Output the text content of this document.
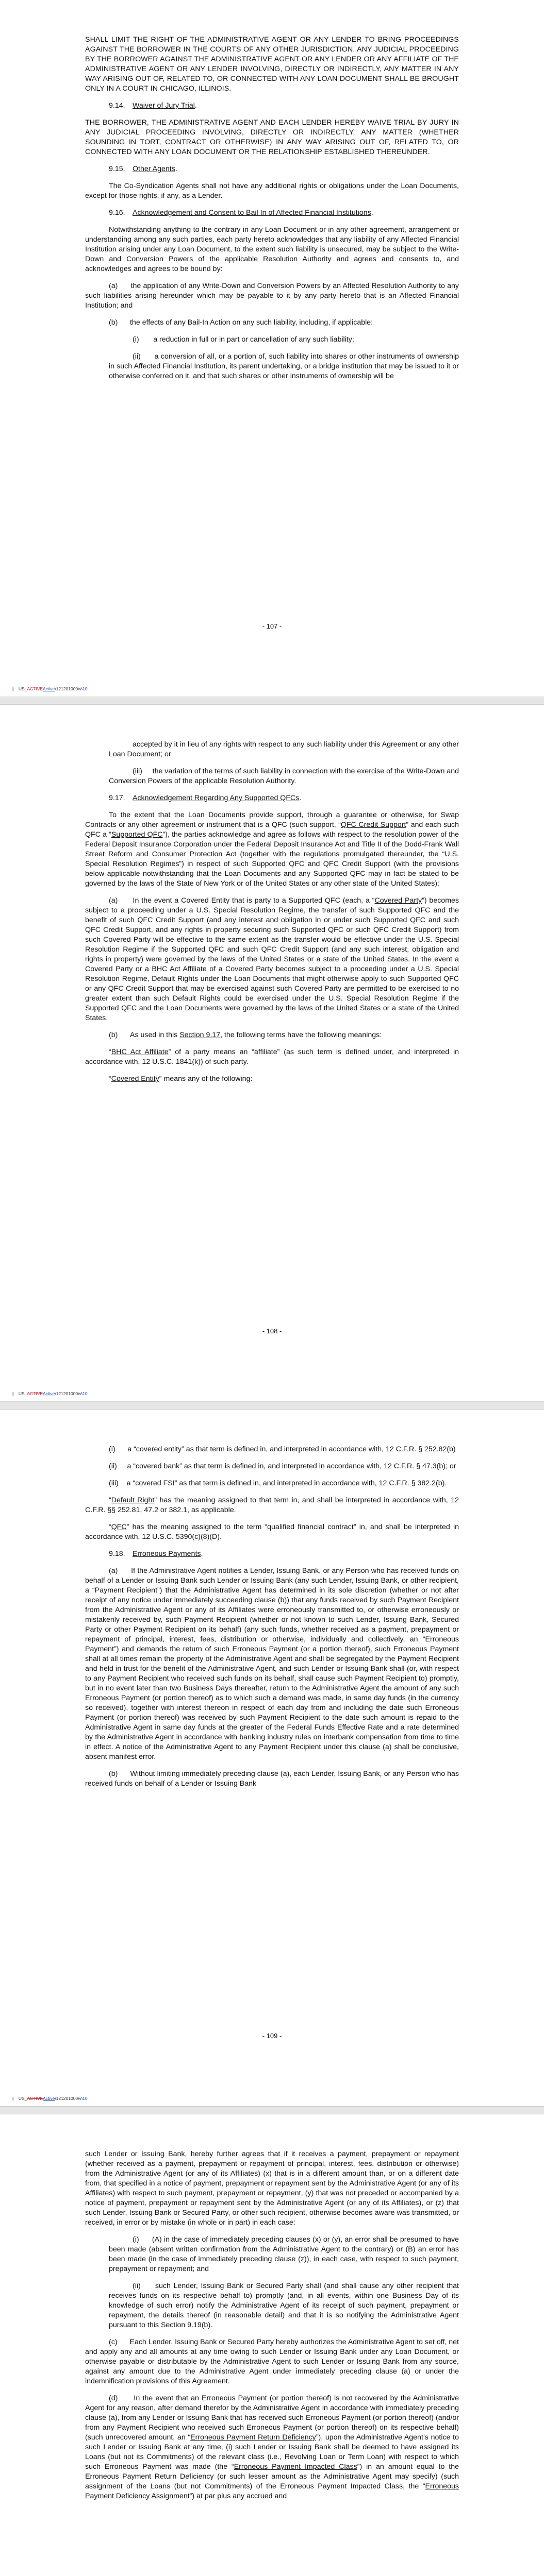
SHALL LIMIT THE RIGHT OF THE ADMINISTRATIVE AGENT OR ANY LENDER TO BRING PROCEEDINGS AGAINST THE BORROWER IN THE COURTS OF ANY OTHER JURISDICTION. ANY JUDICIAL PROCEEDING BY THE BORROWER AGAINST THE ADMINISTRATIVE AGENT OR ANY LENDER OR ANY AFFILIATE OF THE ADMINISTRATIVE AGENT OR ANY LENDER INVOLVING, DIRECTLY OR INDIRECTLY, ANY MATTER IN ANY WAY ARISING OUT OF, RELATED TO, OR CONNECTED WITH ANY LOAN DOCUMENT SHALL BE BROUGHT ONLY IN A COURT IN CHICAGO, ILLINOIS.

9.14. Waiver of Jury Trial.

THE BORROWER, THE ADMINISTRATIVE AGENT AND EACH LENDER HEREBY WAIVE TRIAL BY JURY IN ANY JUDICIAL PROCEEDING INVOLVING, DIRECTLY OR INDIRECTLY, ANY MATTER (WHETHER SOUNDING IN TORT, CONTRACT OR OTHERWISE) IN ANY WAY ARISING OUT OF, RELATED TO, OR CONNECTED WITH ANY LOAN DOCUMENT OR THE RELATIONSHIP ESTABLISHED THEREUNDER.

9.15. Other Agents.

The Co-Syndication Agents shall not have any additional rights or obligations under the Loan Documents, except for those rights, if any, as a Lender.

9.16. Acknowledgement and Consent to Bail In of Affected Financial Institutions.

Notwithstanding anything to the contrary in any Loan Document or in any other agreement, arrangement or understanding among any such parties, each party hereto acknowledges that any liability of any Affected Financial Institution arising under any Loan Document, to the extent such liability is unsecured, may be subject to the Write-Down and Conversion Powers of the applicable Resolution Authority and agrees and consents to, and acknowledges and agrees to be bound by:

(a)      the application of any Write-Down and Conversion Powers by an Affected Resolution Authority to any such liabilities arising hereunder which may be payable to it by any party hereto that is an Affected Financial Institution; and

(b)      the effects of any Bail-In Action on any such liability, including, if applicable:

(i)       a reduction in full or in part or cancellation of any such liability;

(ii)      a conversion of all, or a portion of, such liability into shares or other instruments of ownership in such Affected Financial Institution, its parent undertaking, or a bridge institution that may be issued to it or otherwise conferred on it, and that such shares or other instruments of ownership will be

- 107 -
| US_ACTIVEActive\121201000\v\10

accepted by it in lieu of any rights with respect to any such liability under this Agreement or any other Loan Document; or

(iii)     the variation of the terms of such liability in connection with the exercise of the Write-Down and Conversion Powers of the applicable Resolution Authority.

9.17. Acknowledgement Regarding Any Supported QFCs.

To the extent that the Loan Documents provide support, through a guarantee or otherwise, for Swap Contracts or any other agreement or instrument that is a QFC (such support, “QFC Credit Support” and each such QFC a “Supported QFC”), the parties acknowledge and agree as follows with respect to the resolution power of the Federal Deposit Insurance Corporation under the Federal Deposit Insurance Act and Title II of the Dodd-Frank Wall Street Reform and Consumer Protection Act (together with the regulations promulgated thereunder, the “U.S. Special Resolution Regimes”) in respect of such Supported QFC and QFC Credit Support (with the provisions below applicable notwithstanding that the Loan Documents and any Supported QFC may in fact be stated to be governed by the laws of the State of New York or of the United States or any other state of the United States):

(a)      In the event a Covered Entity that is party to a Supported QFC (each, a “Covered Party”) becomes subject to a proceeding under a U.S. Special Resolution Regime, the transfer of such Supported QFC and the benefit of such QFC Credit Support (and any interest and obligation in or under such Supported QFC and such QFC Credit Support, and any rights in property securing such Supported QFC or such QFC Credit Support) from such Covered Party will be effective to the same extent as the transfer would be effective under the U.S. Special Resolution Regime if the Supported QFC and such QFC Credit Support (and any such interest, obligation and rights in property) were governed by the laws of the United States or a state of the United States. In the event a Covered Party or a BHC Act Affiliate of a Covered Party becomes subject to a proceeding under a U.S. Special Resolution Regime, Default Rights under the Loan Documents that might otherwise apply to such Supported QFC or any QFC Credit Support that may be exercised against such Covered Party are permitted to be exercised to no greater extent than such Default Rights could be exercised under the U.S. Special Resolution Regime if the Supported QFC and the Loan Documents were governed by the laws of the United States or a state of the United States.

(b)      As used in this Section 9.17, the following terms have the following meanings:

“BHC Act Affiliate” of a party means an “affiliate” (as such term is defined under, and interpreted in accordance with, 12 U.S.C. 1841(k)) of such party.

“Covered Entity” means any of the following:

- 108 -
| US_ACTIVEActive\121201000\v\10

(i)      a “covered entity” as that term is defined in, and interpreted in accordance with, 12 C.F.R. § 252.82(b)

(ii)     a “covered bank” as that term is defined in, and interpreted in accordance with, 12 C.F.R. § 47.3(b); or

(iii)    a “covered FSI” as that term is defined in, and interpreted in accordance with, 12 C.F.R. § 382.2(b).

“Default Right” has the meaning assigned to that term in, and shall be interpreted in accordance with, 12 C.F.R. §§ 252.81, 47.2 or 382.1, as applicable.

“QFC” has the meaning assigned to the term “qualified financial contract” in, and shall be interpreted in accordance with, 12 U.S.C. 5390(c)(8)(D).

9.18. Erroneous Payments.

(a)      If the Administrative Agent notifies a Lender, Issuing Bank, or any Person who has received funds on behalf of a Lender or Issuing Bank such Lender or Issuing Bank (any such Lender, Issuing Bank, or other recipient, a “Payment Recipient”) that the Administrative Agent has determined in its sole discretion (whether or not after receipt of any notice under immediately succeeding clause (b)) that any funds received by such Payment Recipient from the Administrative Agent or any of its Affiliates were erroneously transmitted to, or otherwise erroneously or mistakenly received by, such Payment Recipient (whether or not known to such Lender, Issuing Bank, Secured Party or other Payment Recipient on its behalf) (any such funds, whether received as a payment, prepayment or repayment of principal, interest, fees, distribution or otherwise, individually and collectively, an “Erroneous Payment”) and demands the return of such Erroneous Payment (or a portion thereof), such Erroneous Payment shall at all times remain the property of the Administrative Agent and shall be segregated by the Payment Recipient and held in trust for the benefit of the Administrative Agent, and such Lender or Issuing Bank shall (or, with respect to any Payment Recipient who received such funds on its behalf, shall cause such Payment Recipient to) promptly, but in no event later than two Business Days thereafter, return to the Administrative Agent the amount of any such Erroneous Payment (or portion thereof) as to which such a demand was made, in same day funds (in the currency so received), together with interest thereon in respect of each day from and including the date such Erroneous Payment (or portion thereof) was received by such Payment Recipient to the date such amount is repaid to the Administrative Agent in same day funds at the greater of the Federal Funds Effective Rate and a rate determined by the Administrative Agent in accordance with banking industry rules on interbank compensation from time to time in effect. A notice of the Administrative Agent to any Payment Recipient under this clause (a) shall be conclusive, absent manifest error.

(b)      Without limiting immediately preceding clause (a), each Lender, Issuing Bank, or any Person who has received funds on behalf of a Lender or Issuing Bank

- 109 -
| US_ACTIVEActive\121201000\v\10

such Lender or Issuing Bank, hereby further agrees that if it receives a payment, prepayment or repayment (whether received as a payment, prepayment or repayment of principal, interest, fees, distribution or otherwise) from the Administrative Agent (or any of its Affiliates) (x) that is in a different amount than, or on a different date from, that specified in a notice of payment, prepayment or repayment sent by the Administrative Agent (or any of its Affiliates) with respect to such payment, prepayment or repayment, (y) that was not preceded or accompanied by a notice of payment, prepayment or repayment sent by the Administrative Agent (or any of its Affiliates), or (z) that such Lender, Issuing Bank or Secured Party, or other such recipient, otherwise becomes aware was transmitted, or received, in error or by mistake (in whole or in part) in each case:

(i)      (A) in the case of immediately preceding clauses (x) or (y), an error shall be presumed to have been made (absent written confirmation from the Administrative Agent to the contrary) or (B) an error has been made (in the case of immediately preceding clause (z)), in each case, with respect to such payment, prepayment or repayment; and

(ii)     such Lender, Issuing Bank or Secured Party shall (and shall cause any other recipient that receives funds on its respective behalf to) promptly (and, in all events, within one Business Day of its knowledge of such error) notify the Administrative Agent of its receipt of such payment, prepayment or repayment, the details thereof (in reasonable detail) and that it is so notifying the Administrative Agent pursuant to this Section 9.19(b).

(c)      Each Lender, Issuing Bank or Secured Party hereby authorizes the Administrative Agent to set off, net and apply any and all amounts at any time owing to such Lender or Issuing Bank under any Loan Document, or otherwise payable or distributable by the Administrative Agent to such Lender or Issuing Bank from any source, against any amount due to the Administrative Agent under immediately preceding clause (a) or under the indemnification provisions of this Agreement.

(d)      In the event that an Erroneous Payment (or portion thereof) is not recovered by the Administrative Agent for any reason, after demand therefor by the Administrative Agent in accordance with immediately preceding clause (a), from any Lender or Issuing Bank that has received such Erroneous Payment (or portion thereof) (and/or from any Payment Recipient who received such Erroneous Payment (or portion thereof) on its respective behalf) (such unrecovered amount, an “Erroneous Payment Return Deficiency”), upon the Administrative Agent’s notice to such Lender or Issuing Bank at any time, (i) such Lender or Issuing Bank shall be deemed to have assigned its Loans (but not its Commitments) of the relevant class (i.e., Revolving Loan or Term Loan) with respect to which such Erroneous Payment was made (the “Erroneous Payment Impacted Class”) in an amount equal to the Erroneous Payment Return Deficiency (or such lesser amount as the Administrative Agent may specify) (such assignment of the Loans (but not Commitments) of the Erroneous Payment Impacted Class, the “Erroneous Payment Deficiency Assignment”) at par plus any accrued and
